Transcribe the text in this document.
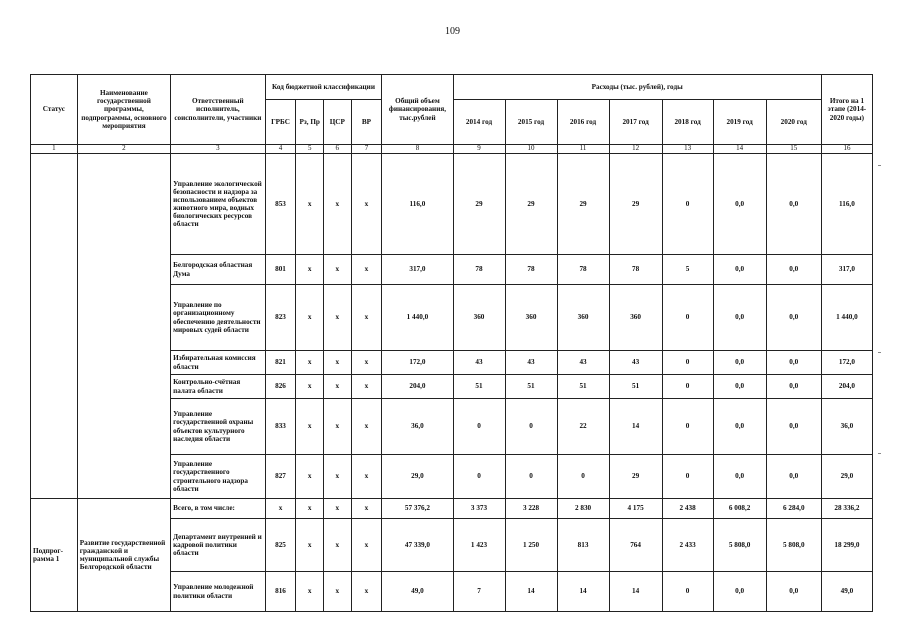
109
Статус	Наименование государственной программы, подпрограммы, основного мероприятия	Ответственный исполнитель, соисполнители, участники	Код бюджетной классификации				Общий объем финансирования, тыс.рублей	Расходы (тыс. рублей), годы							Итого на 1 этапе (2014-2020 годы)
			ГРБС	Рз, Пр	ЦСР	ВР		2014 год	2015 год	2016 год	2017 год	2018 год	2019 год	2020 год	
1	2	3	4	5	6	7	8	9	10	11	12	13	14	15	16
		Управление экологической безопасности и надзора за использованием объектов животного мира, водных биологических ресурсов области	853	х	х	х	116,0	29	29	29	29	0	0,0	0,0	116,0
		Белгородская областная Дума	801	х	х	х	317,0	78	78	78	78	5	0,0	0,0	317,0
		Управление по организационному обеспечению деятельности мировых судей области	823	х	х	х	1 440,0	360	360	360	360	0	0,0	0,0	1 440,0
		Избирательная комиссия области	821	х	х	х	172,0	43	43	43	43	0	0,0	0,0	172,0
		Контрольно-счётная палата области	826	х	х	х	204,0	51	51	51	51	0	0,0	0,0	204,0
		Управление государственной охраны объектов культурного наследия области	833	х	х	х	36,0	0	0	22	14	0	0,0	0,0	36,0
		Управление государственного строительного надзора области	827	х	х	х	29,0	0	0	0	29	0	0,0	0,0	29,0
Подпрог-рамма 1	Развитие государственной гражданской и муниципальной службы Белгородской области	Всего, в том числе:	х	х	х	х	57 376,2	3 373	3 228	2 830	4 175	2 438	6 008,2	6 284,0	28 336,2
		Департамент внутренней и кадровой политики области	825	х	х	х	47 339,0	1 423	1 250	813	764	2 433	5 808,0	5 808,0	18 299,0
		Управление молодежной политики области	816	х	х	х	49,0	7	14	14	14	0	0,0	0,0	49,0
